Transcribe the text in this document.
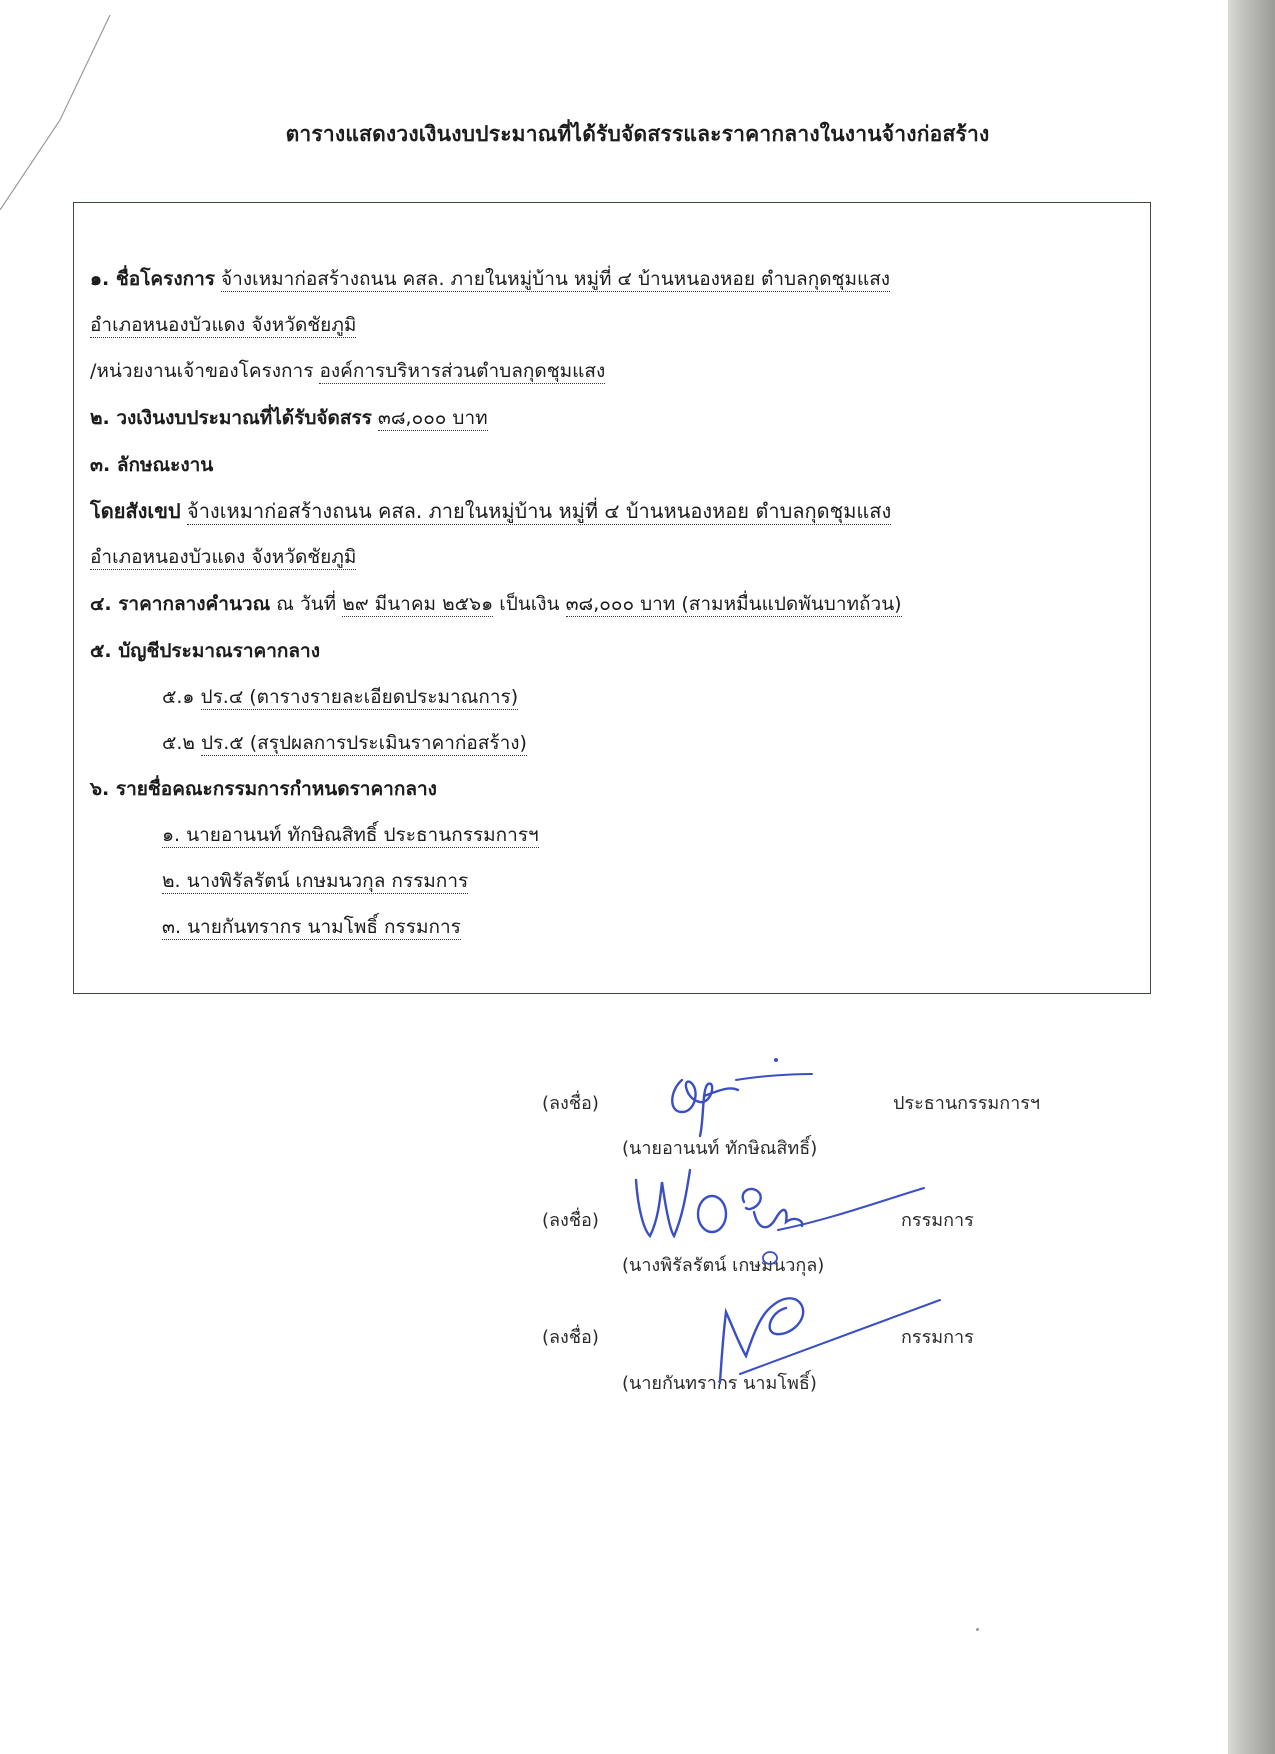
ตารางแสดงวงเงินงบประมาณที่ได้รับจัดสรรและราคากลางในงานจ้างก่อสร้าง
๑. ชื่อโครงการ จ้างเหมาก่อสร้างถนน คสล. ภายในหมู่บ้าน หมู่ที่ ๔ บ้านหนองหอย ตำบลกุดชุมแสง
อำเภอหนองบัวแดง จังหวัดชัยภูมิ
/หน่วยงานเจ้าของโครงการ องค์การบริหารส่วนตำบลกุดชุมแสง
๒. วงเงินงบประมาณที่ได้รับจัดสรร ๓๘,๐๐๐ บาท
๓. ลักษณะงาน
โดยสังเขป จ้างเหมาก่อสร้างถนน คสล. ภายในหมู่บ้าน หมู่ที่ ๔ บ้านหนองหอย ตำบลกุดชุมแสง
อำเภอหนองบัวแดง จังหวัดชัยภูมิ
๔. ราคากลางคำนวณ ณ วันที่ ๒๙ มีนาคม ๒๕๖๑ เป็นเงิน ๓๘,๐๐๐ บาท (สามหมื่นแปดพันบาทถ้วน)
๕. บัญชีประมาณราคากลาง
๕.๑ ปร.๔ (ตารางรายละเอียดประมาณการ)
๕.๒ ปร.๕ (สรุปผลการประเมินราคาก่อสร้าง)
๖. รายชื่อคณะกรรมการกำหนดราคากลาง
๑. นายอานนท์ ทักษิณสิทธิ์ ประธานกรรมการฯ
๒. นางพิรัลรัตน์ เกษมนวกุล กรรมการ
๓. นายกันทรากร นามโพธิ์ กรรมการ
(ลงชื่อ)	ประธานกรรมการฯ
(นายอานนท์ ทักษิณสิทธิ์)
(ลงชื่อ)	กรรมการ
(นางพิรัลรัตน์ เกษมนวกุล)
(ลงชื่อ)	กรรมการ
(นายกันทรากร นามโพธิ์)
